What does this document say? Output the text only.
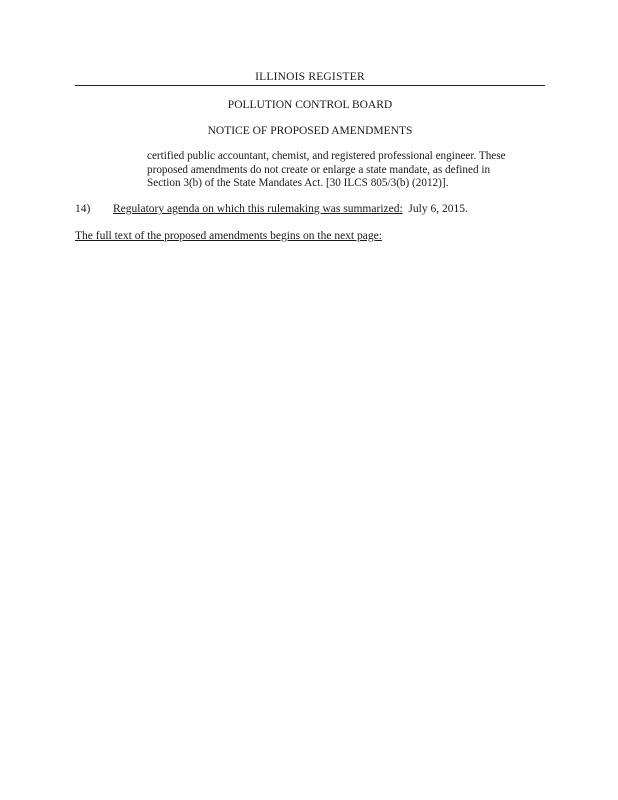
ILLINOIS REGISTER
POLLUTION CONTROL BOARD
NOTICE OF PROPOSED AMENDMENTS
certified public accountant, chemist, and registered professional engineer. These
proposed amendments do not create or enlarge a state mandate, as defined in
Section 3(b) of the State Mandates Act. [30 ILCS 805/3(b) (2012)].
14) Regulatory agenda on which this rulemaking was summarized: July 6, 2015.
The full text of the proposed amendments begins on the next page:
